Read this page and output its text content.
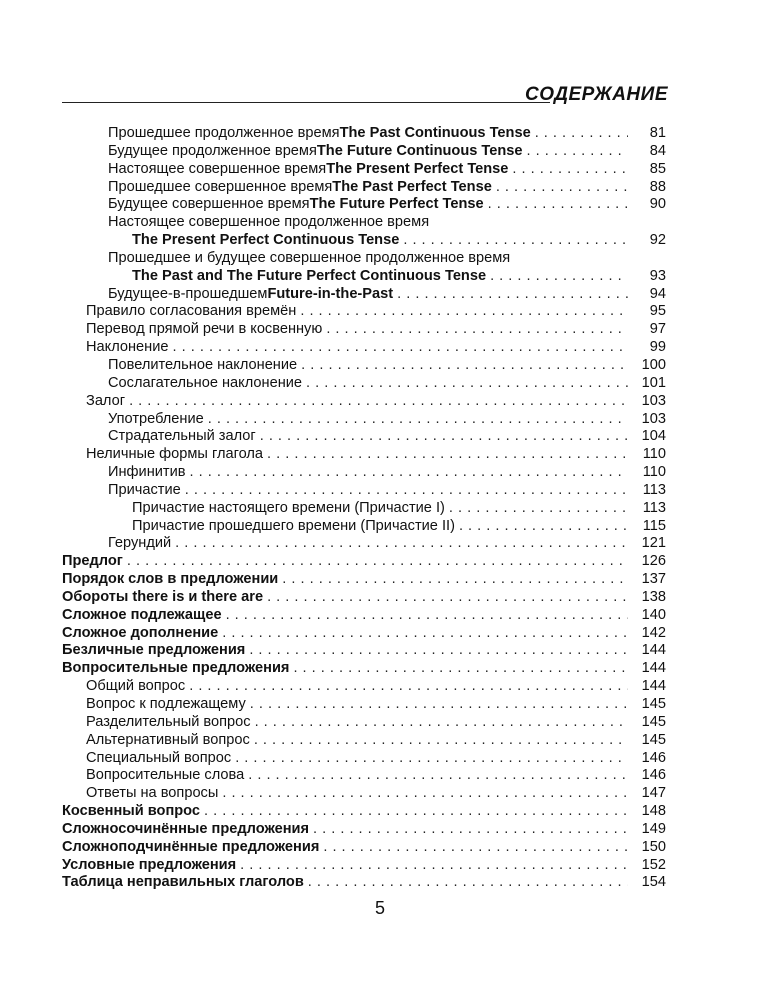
СОДЕРЖАНИЕ
Прошедшее продолженное время The Past Continuous Tense . . .	81
Будущее продолженное время The Future Continuous Tense . . .	84
Настоящее совершенное время The Present Perfect Tense . . .	85
Прошедшее совершенное время The Past Perfect Tense . . .	88
Будущее совершенное время The Future Perfect Tense . . .	90
Настоящее совершенное продолженное время
The Present Perfect Continuous Tense . . .	92
Прошедшее и будущее совершенное продолженное время
The Past and The Future Perfect Continuous Tense . . .	93
Будущее-в-прошедшем Future-in-the-Past . . .	94
Правило согласования времён . . .	95
Перевод прямой речи в косвенную . . .	97
Наклонение . . .	99
Повелительное наклонение . . .	100
Сослагательное наклонение . . .	101
Залог . . .	103
Употребление . . .	103
Страдательный залог . . .	104
Неличные формы глагола . . .	110
Инфинитив . . .	110
Причастие . . .	113
Причастие настоящего времени (Причастие I) . . .	113
Причастие прошедшего времени (Причастие II) . . .	115
Герундий . . .	121
Предлог . . .	126
Порядок слов в предложении . . .	137
Обороты there is и there are . . .	138
Сложное подлежащее . . .	140
Сложное дополнение . . .	142
Безличные предложения . . .	144
Вопросительные предложения . . .	144
Общий вопрос . . .	144
Вопрос к подлежащему . . .	145
Разделительный вопрос . . .	145
Альтернативный вопрос . . .	145
Специальный вопрос . . .	146
Вопросительные слова . . .	146
Ответы на вопросы . . .	147
Косвенный вопрос . . .	148
Сложносочинённые предложения . . .	149
Сложноподчинённые предложения . . .	150
Условные предложения . . .	152
Таблица неправильных глаголов . . .	154
5
